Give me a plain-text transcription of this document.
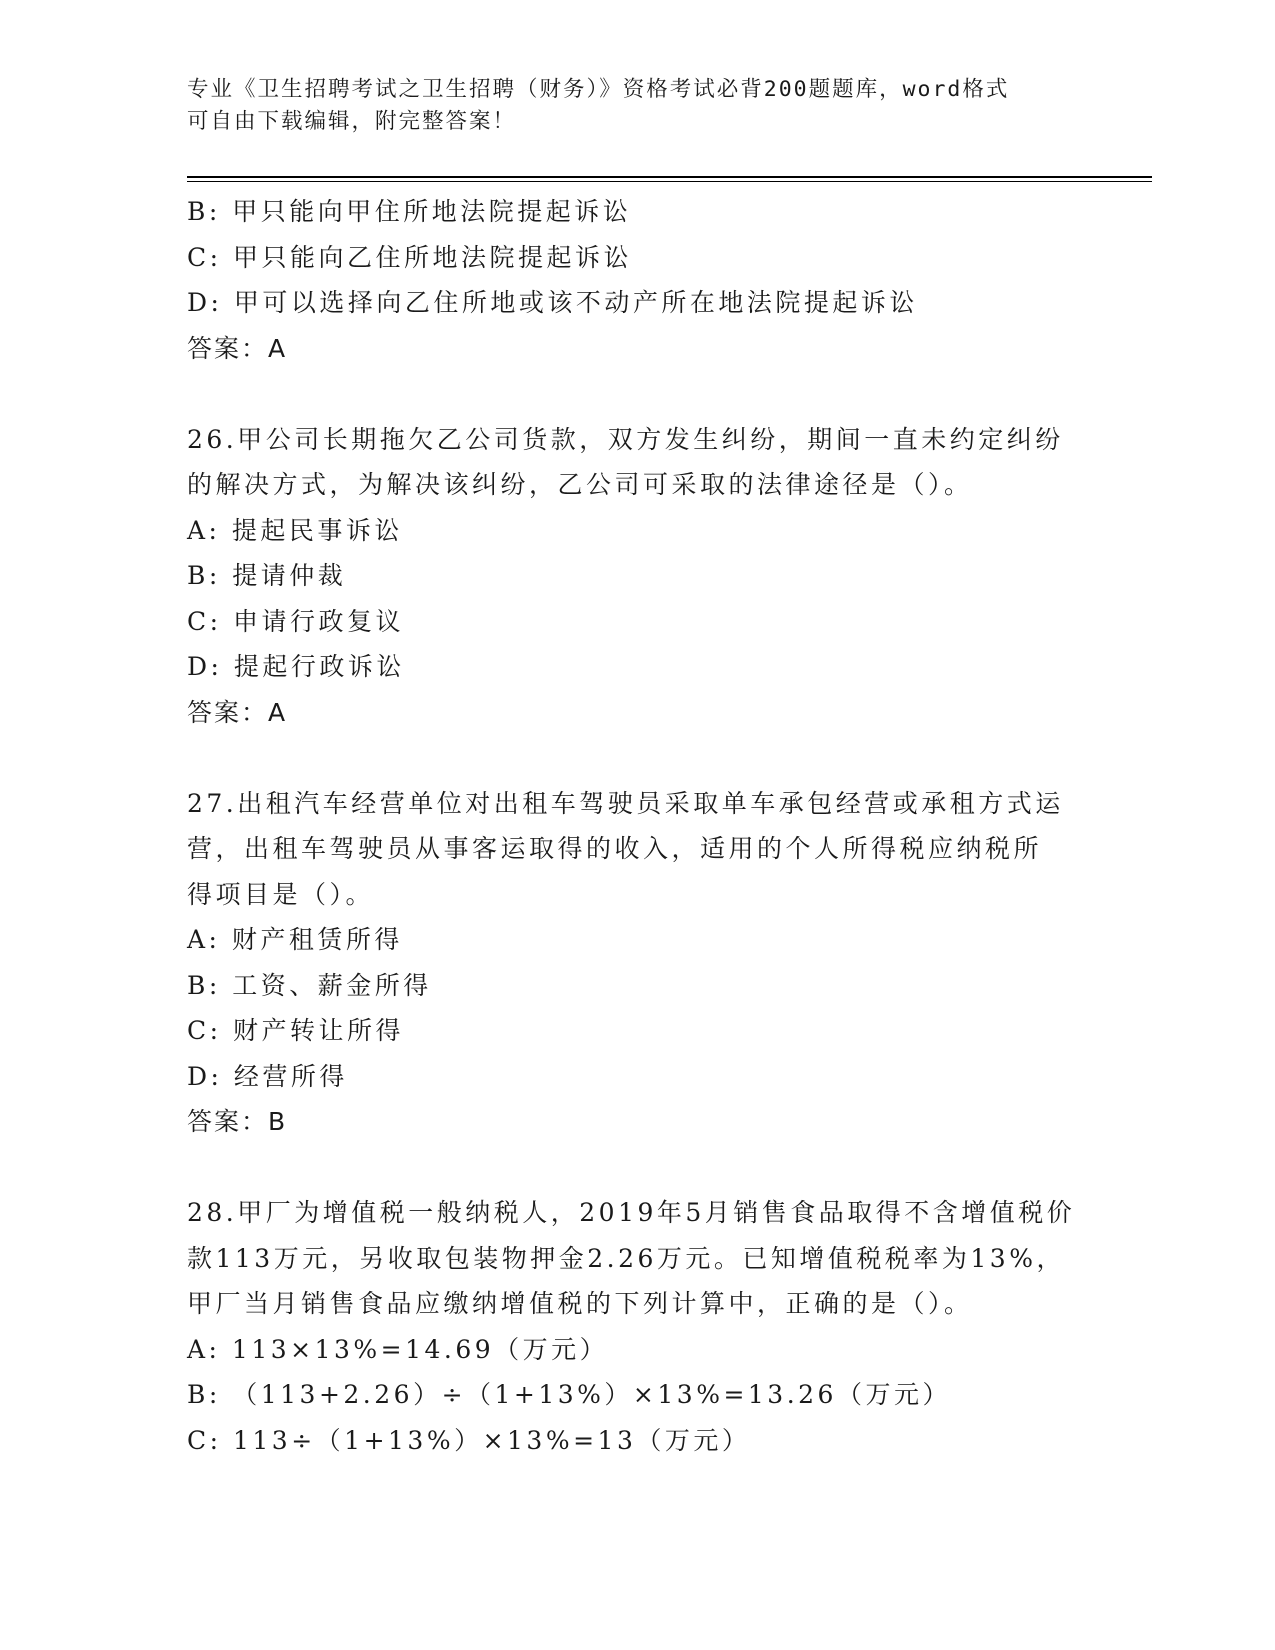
专业《卫生招聘考试之卫生招聘（财务）》资格考试必背200题题库，word格式
可自由下载编辑，附完整答案！
B: 甲只能向甲住所地法院提起诉讼
C: 甲只能向乙住所地法院提起诉讼
D: 甲可以选择向乙住所地或该不动产所在地法院提起诉讼
答案：A
26.甲公司长期拖欠乙公司货款，双方发生纠纷，期间一直未约定纠纷
的解决方式，为解决该纠纷，乙公司可采取的法律途径是（）。
A: 提起民事诉讼
B: 提请仲裁
C: 申请行政复议
D: 提起行政诉讼
答案：A
27.出租汽车经营单位对出租车驾驶员采取单车承包经营或承租方式运
营，出租车驾驶员从事客运取得的收入，适用的个人所得税应纳税所
得项目是（）。
A: 财产租赁所得
B: 工资、薪金所得
C: 财产转让所得
D: 经营所得
答案：B
28.甲厂为增值税一般纳税人，2019年5月销售食品取得不含增值税价
款113万元，另收取包装物押金2.26万元。已知增值税税率为13%，
甲厂当月销售食品应缴纳增值税的下列计算中，正确的是（）。
A: 113×13%=14.69（万元）
B: （113+2.26）÷（1+13%）×13%=13.26（万元）
C: 113÷（1+13%）×13%=13（万元）
